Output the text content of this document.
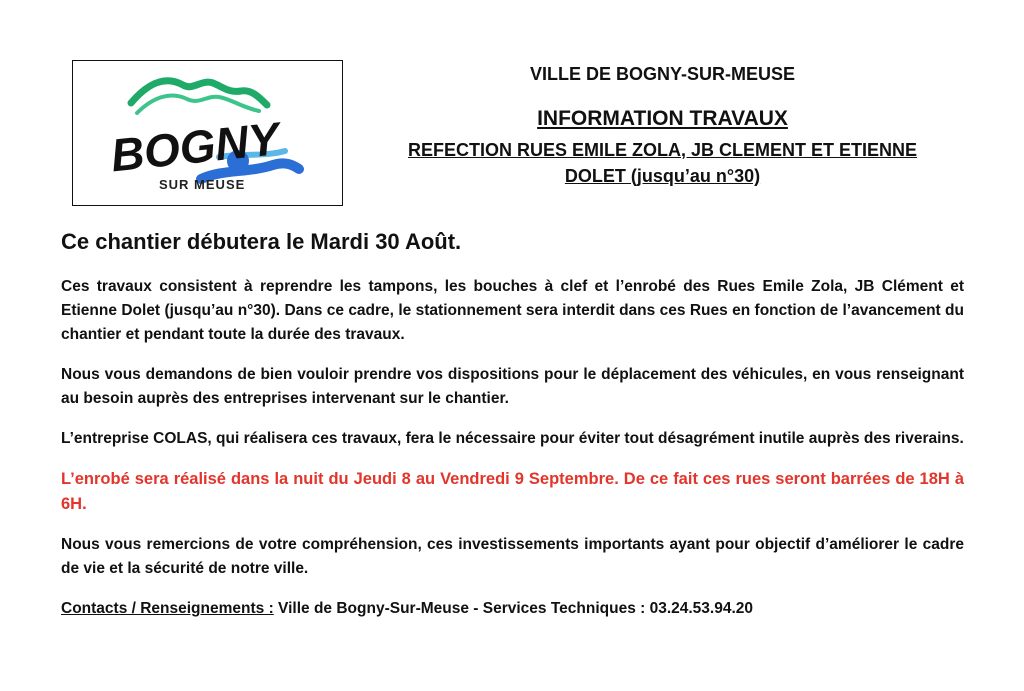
BOGNY
SUR MEUSE
VILLE DE BOGNY-SUR-MEUSE
INFORMATION TRAVAUX
REFECTION RUES EMILE ZOLA, JB CLEMENT ET ETIENNE
DOLET (jusqu’au n°30)
Ce chantier débutera le Mardi 30 Août.

Ces travaux consistent à reprendre les tampons, les bouches à clef et l’enrobé des Rues Emile Zola, JB Clément et Etienne Dolet (jusqu’au n°30). Dans ce cadre, le stationnement sera interdit dans ces Rues en fonction de l’avancement du chantier et pendant toute la durée des travaux.

Nous vous demandons de bien vouloir prendre vos dispositions pour le déplacement des véhicules, en vous renseignant au besoin auprès des entreprises intervenant sur le chantier.

L’entreprise COLAS, qui réalisera ces travaux, fera le nécessaire pour éviter tout désagrément inutile auprès des riverains.

L’enrobé sera réalisé dans la nuit du Jeudi 8 au Vendredi 9 Septembre. De ce fait ces rues seront barrées de 18H à 6H.

Nous vous remercions de votre compréhension, ces investissements importants ayant pour objectif d’améliorer le cadre de vie et la sécurité de notre ville.

Contacts / Renseignements : Ville de Bogny-Sur-Meuse - Services Techniques : 03.24.53.94.20
